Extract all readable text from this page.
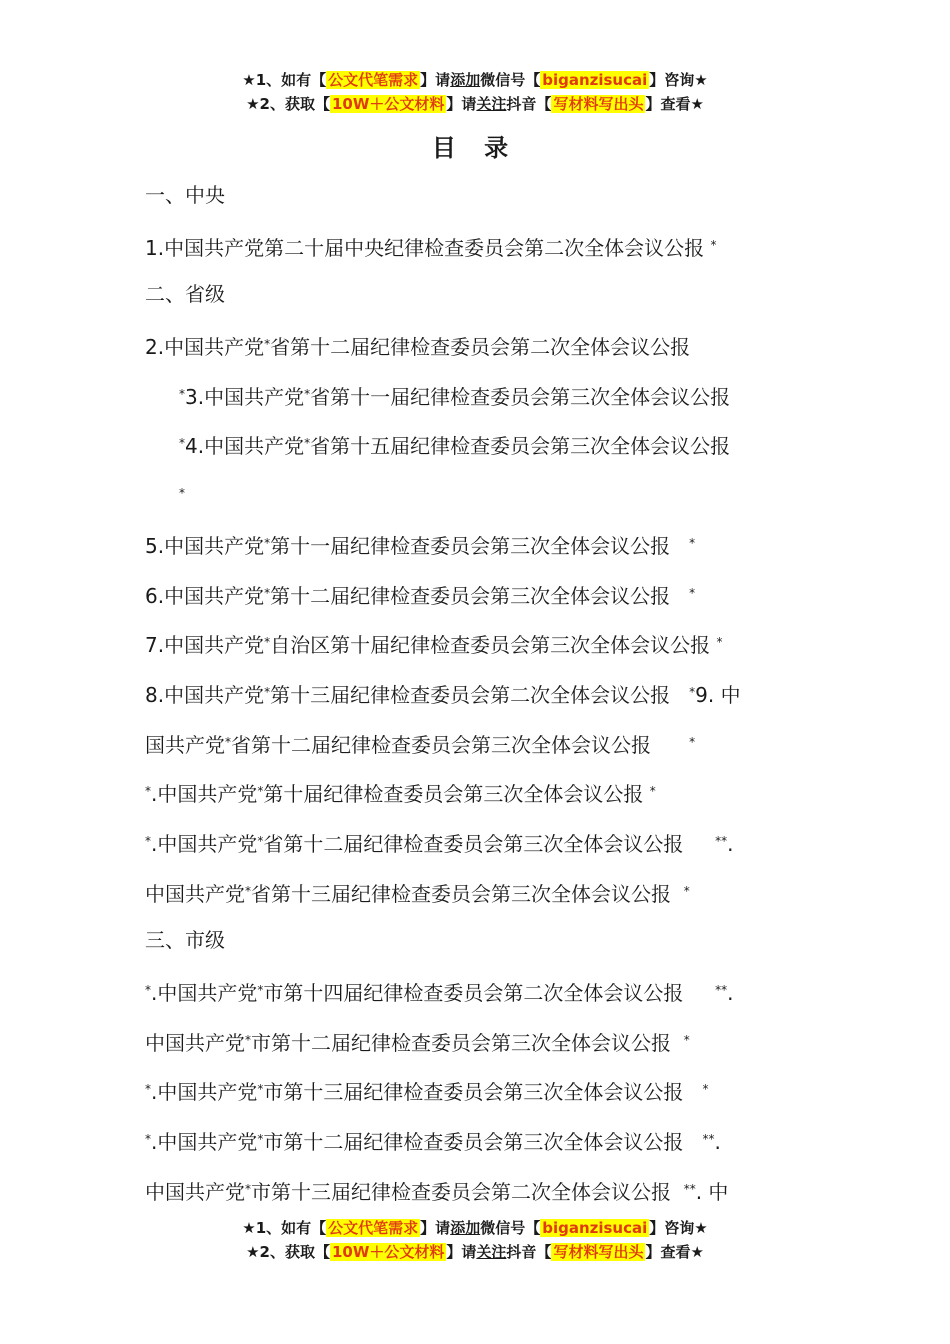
★1、如有【 公文代笔需求 】请添加微信号【 biganzisucai 】咨询★
★2、获取【 10W＋公文材料 】请关注抖音【 写材料写出头 】查看★
目 录
一、中央
1.中国共产党第二十届中央纪律检查委员会第二次全体会议公报 *
二、省级
2.中国共产党*省第十二届纪律检查委员会第二次全体会议公报
*3.中国共产党*省第十一届纪律检查委员会第三次全体会议公报
*4.中国共产党*省第十五届纪律检查委员会第三次全体会议公报
*
5.中国共产党*第十一届纪律检查委员会第三次全体会议公报 *
6.中国共产党*第十二届纪律检查委员会第三次全体会议公报 *
7.中国共产党*自治区第十届纪律检查委员会第三次全体会议公报 *
8.中国共产党*第十三届纪律检查委员会第二次全体会议公报 *9. 中
国共产党*省第十二届纪律检查委员会第三次全体会议公报	*
*.中国共产党*第十届纪律检查委员会第三次全体会议公报 *
*.中国共产党*省第十二届纪律检查委员会第三次全体会议公报	**.
中国共产党*省第十三届纪律检查委员会第三次全体会议公报 *
三、市级
*.中国共产党*市第十四届纪律检查委员会第二次全体会议公报	**.
中国共产党*市第十二届纪律检查委员会第三次全体会议公报 *
*.中国共产党*市第十三届纪律检查委员会第三次全体会议公报 *
*.中国共产党*市第十二届纪律检查委员会第三次全体会议公报 **.
中国共产党*市第十三届纪律检查委员会第二次全体会议公报 **. 中
★1、如有【 公文代笔需求 】请添加微信号【 biganzisucai 】咨询★
★2、获取【 10W＋公文材料 】请关注抖音【 写材料写出头 】查看★
